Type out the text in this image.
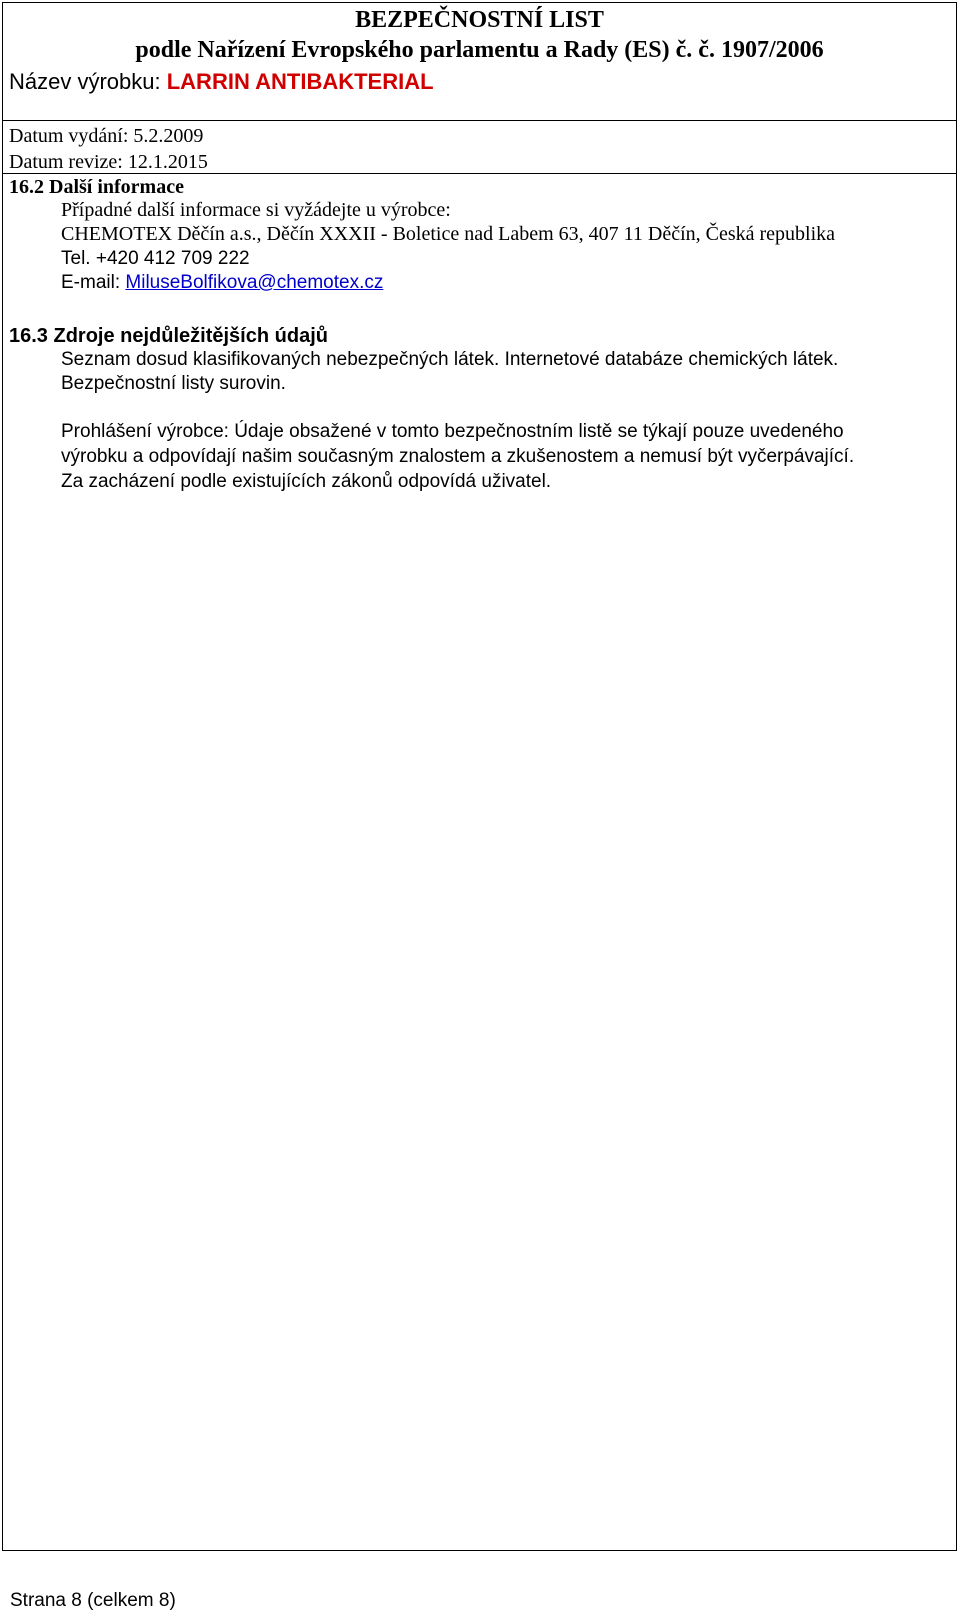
BEZPEČNOSTNÍ LIST
podle Nařízení Evropského parlamentu a Rady (ES) č. č. 1907/2006
Název výrobku: LARRIN ANTIBAKTERIAL
Datum vydání: 5.2.2009
Datum revize: 12.1.2015
16.2 Další informace
Případné další informace si vyžádejte u výrobce:
CHEMOTEX Děčín a.s., Děčín XXXII - Boletice nad Labem 63, 407 11 Děčín, Česká republika
Tel. +420 412 709 222
E-mail: MiluseBolfikova@chemotex.cz
16.3 Zdroje nejdůležitějších údajů
Seznam dosud klasifikovaných nebezpečných látek. Internetové databáze chemických látek.
Bezpečnostní listy surovin.
Prohlášení výrobce: Údaje obsažené v tomto bezpečnostním listě se týkají pouze uvedeného
výrobku a odpovídají našim současným znalostem a zkušenostem a nemusí být vyčerpávající.
Za zacházení podle existujících zákonů odpovídá uživatel.
Strana 8 (celkem 8)
